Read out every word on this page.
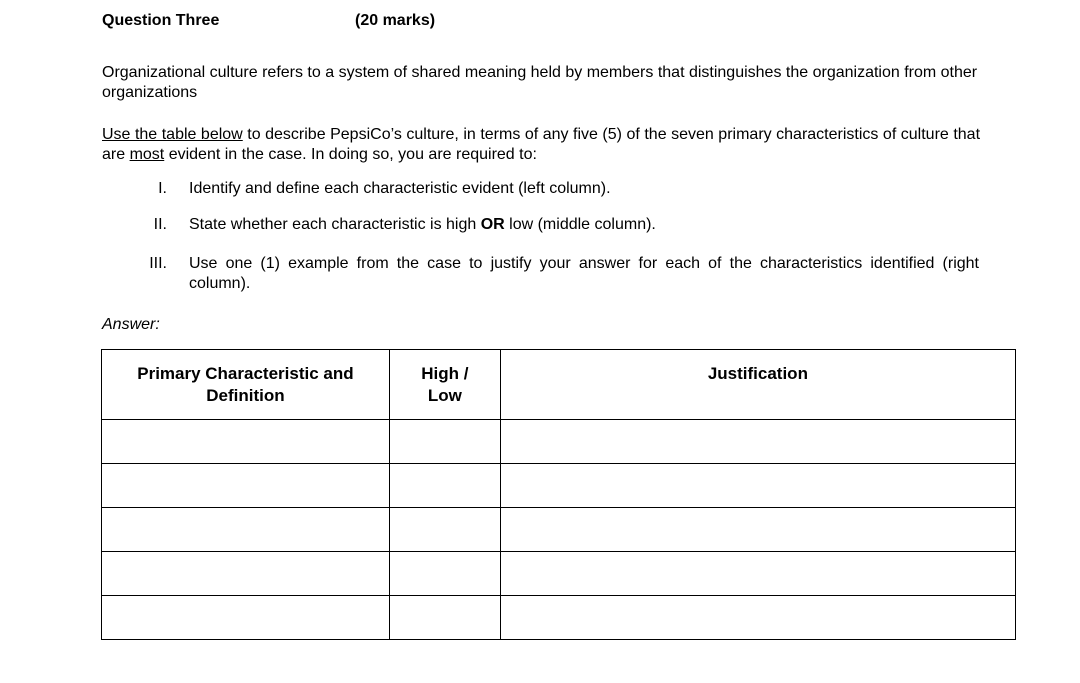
Question Three	(20 marks)
Organizational culture refers to a system of shared meaning held by members that distinguishes the organization from other organizations
Use the table below to describe PepsiCo’s culture, in terms of any five (5) of the seven primary characteristics of culture that are most evident in the case. In doing so, you are required to:
I. Identify and define each characteristic evident (left column).
II. State whether each characteristic is high OR low (middle column).
III. Use one (1) example from the case to justify your answer for each of the characteristics identified (right column).
Answer:
Primary Characteristic and Definition	High / Low	Justification
